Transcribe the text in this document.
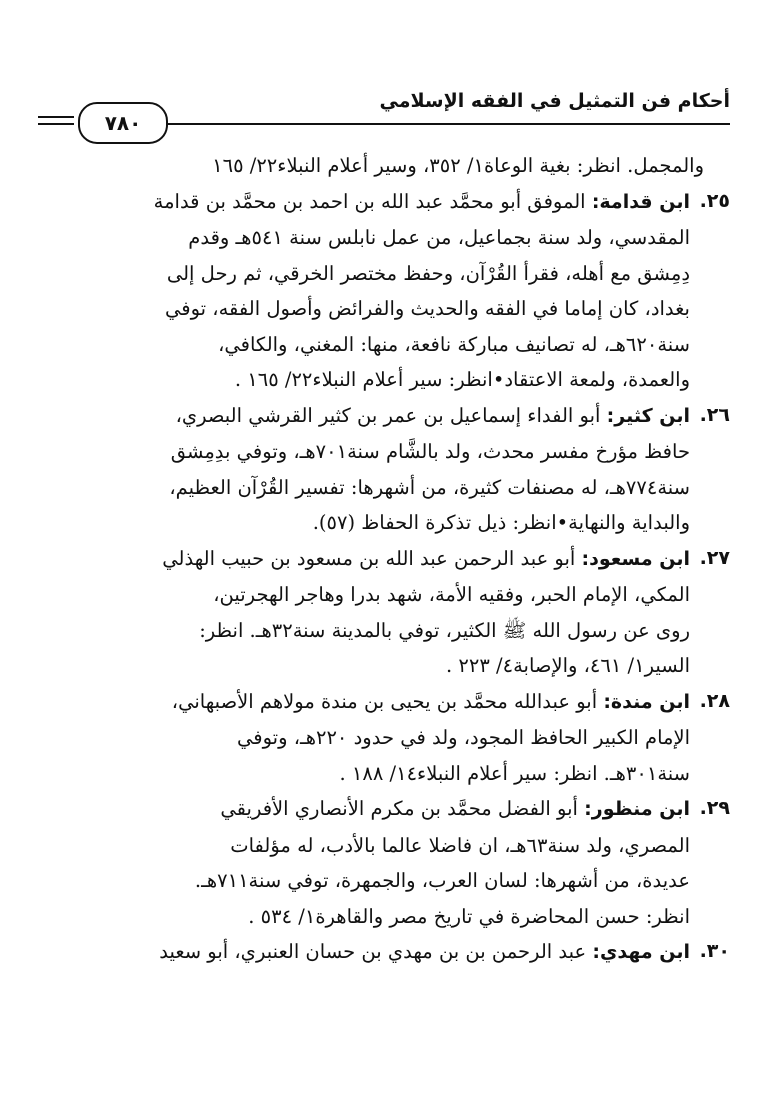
أحكام فن التمثيل في الفقه الإسلامي
٧٨٠

والمجمل. انظر: بغية الوعاة١/ ٣٥٢، وسير أعلام النبلاء٢٢/ ١٦٥

٢٥.
ابن قدامة: الموفق أبو محمَّد عبد الله بن احمد بن محمَّد بن قدامة
المقدسي، ولد سنة بجماعيل، من عمل نابلس سنة ٥٤١هـ وقدم
دِمِشق مع أهله، فقرأ القُرْآن، وحفظ مختصر الخرقي، ثم رحل إلى
بغداد، كان إماما في الفقه والحديث والفرائض وأصول الفقه، توفي
سنة٦٢٠هـ، له تصانيف مباركة نافعة، منها: المغني، والكافي،
والعمدة، ولمعة الاعتقاد•انظر: سير أعلام النبلاء٢٢/ ١٦٥ .
٢٦.
ابن كثير: أبو الفداء إسماعيل بن عمر بن كثير القرشي البصري،
حافظ مؤرخ مفسر محدث، ولد بالشَّام سنة٧٠١هـ، وتوفي بدِمِشق
سنة٧٧٤هـ، له مصنفات كثيرة، من أشهرها: تفسير القُرْآن العظيم،
والبداية والنهاية•انظر: ذيل تذكرة الحفاظ (٥٧).
٢٧.
ابن مسعود: أبو عبد الرحمن عبد الله بن مسعود بن حبيب الهذلي
المكي، الإمام الحبر، وفقيه الأمة، شهد بدرا وهاجر الهجرتين،
روى عن رسول الله ﷺ الكثير، توفي بالمدينة سنة٣٢هـ. انظر:
السير١/ ٤٦١، والإصابة٤/ ٢٢٣ .
٢٨.
ابن مندة: أبو عبدالله محمَّد بن يحيى بن مندة مولاهم الأصبهاني،
الإمام الكبير الحافظ المجود، ولد في حدود ٢٢٠هـ، وتوفي
سنة٣٠١هـ. انظر: سير أعلام النبلاء١٤/ ١٨٨ .
٢٩.
ابن منظور: أبو الفضل محمَّد بن مكرم الأنصاري الأفريقي
المصري، ولد سنة٦٣هـ، ان فاضلا عالما بالأدب، له مؤلفات
عديدة، من أشهرها: لسان العرب، والجمهرة، توفي سنة٧١١هـ.
انظر: حسن المحاضرة في تاريخ مصر والقاهرة١/ ٥٣٤ .
٣٠.
ابن مهدي: عبد الرحمن بن بن مهدي بن حسان العنبري، أبو سعيد
